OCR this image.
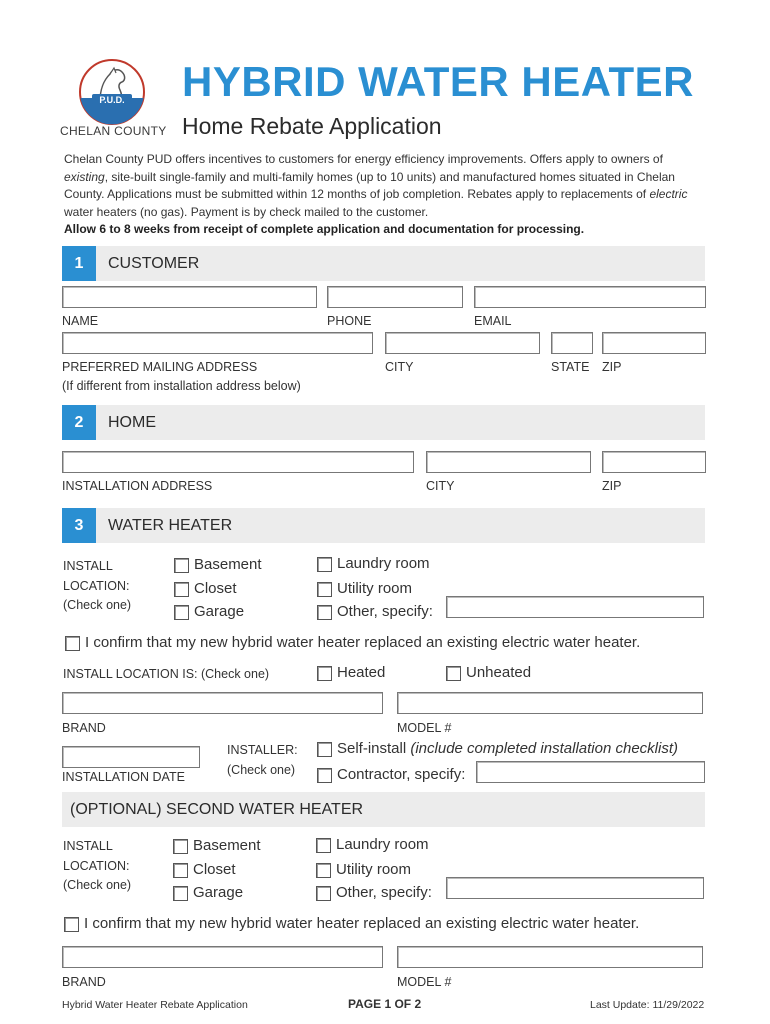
P.U.D.
CHELAN COUNTY
HYBRID WATER HEATER
Home Rebate Application

Chelan County PUD offers incentives to customers for energy efficiency improvements. Offers apply to owners of existing, site-built single-family and multi-family homes (up to 10 units) and manufactured homes situated in Chelan County. Applications must be submitted within 12 months of job completion. Rebates apply to replacements of electric water heaters (no gas). Payment is by check mailed to the customer.

Allow 6 to 8 weeks from receipt of complete application and documentation for processing.

1	CUSTOMER
NAME	PHONE	EMAIL
PREFERRED MAILING ADDRESS
(If different from installation address below)
CITY	STATE ZIP
2	HOME
INSTALLATION ADDRESS	CITY	ZIP
3	WATER HEATER
INSTALL
LOCATION:
(Check one)
Basement
Closet
Garage
Laundry room
Utility room
Other, specify:
I confirm that my new hybrid water heater replaced an existing electric water heater.
INSTALL LOCATION IS: (Check one)	Heated	Unheated
BRAND	MODEL #
INSTALLATION DATE
INSTALLER:
(Check one)
Self-install (include completed installation checklist)
Contractor, specify:
(OPTIONAL) SECOND WATER HEATER
INSTALL
LOCATION:
(Check one)
Basement
Closet
Garage
Laundry room
Utility room
Other, specify:
I confirm that my new hybrid water heater replaced an existing electric water heater.
BRAND	MODEL #
Hybrid Water Heater Rebate Application	PAGE 1 OF 2	Last Update: 11/29/2022
